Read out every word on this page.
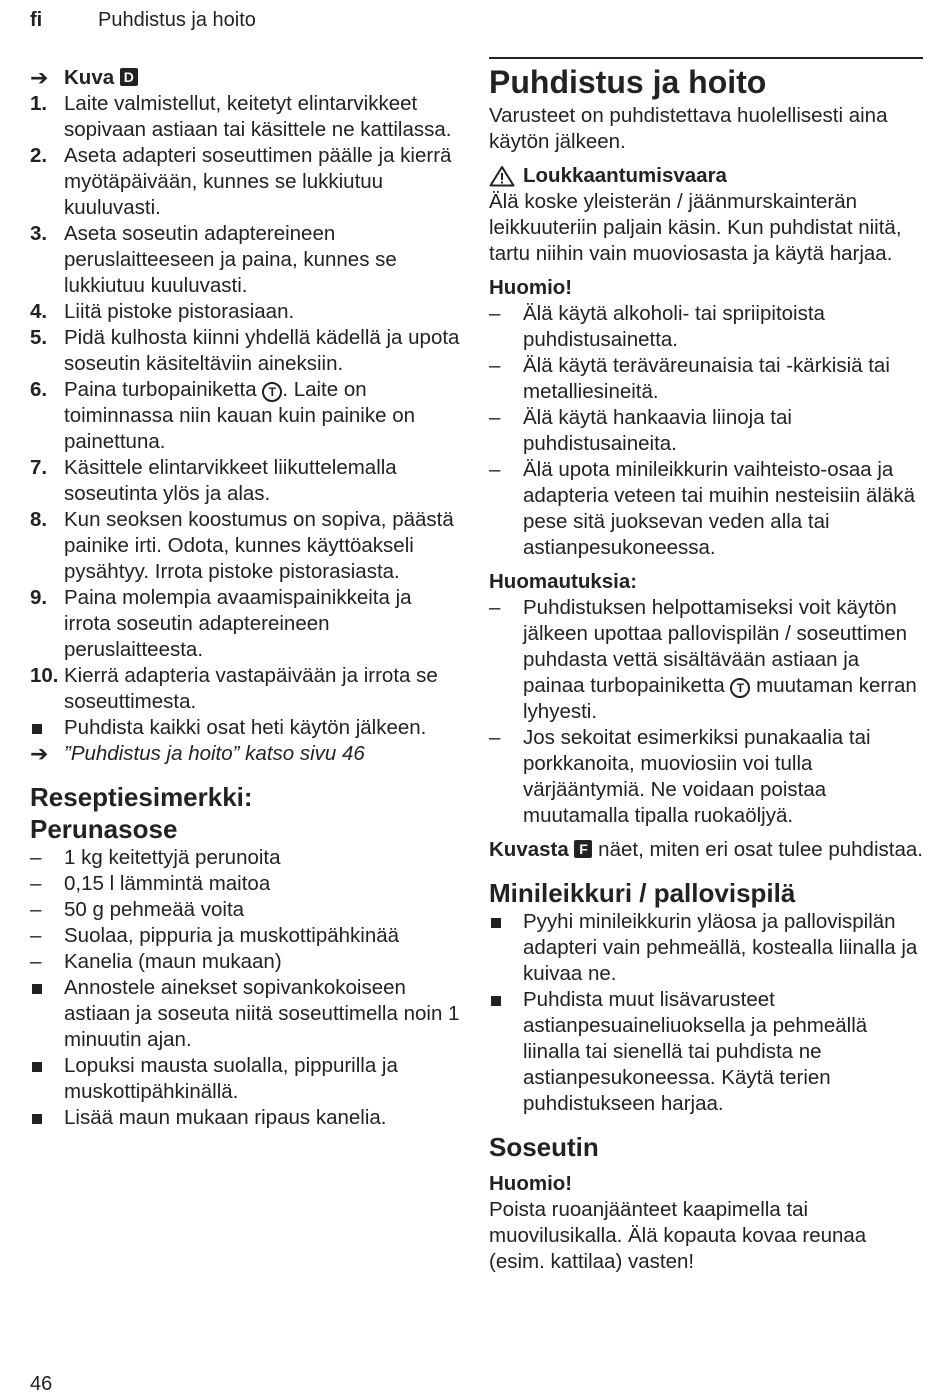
fi	Puhdistus ja hoito
➔ Kuva D
1. Laite valmistellut, keitetyt elintarvikkeet sopivaan astiaan tai käsittele ne kattilassa.
2. Aseta adapteri soseuttimen päälle ja kierrä myötäpäivään, kunnes se lukkiutuu kuuluvasti.
3. Aseta soseutin adaptereineen peruslaitteeseen ja paina, kunnes se lukkiutuu kuuluvasti.
4. Liitä pistoke pistorasiaan.
5. Pidä kulhosta kiinni yhdellä kädellä ja upota soseutin käsiteltäviin aineksiin.
6. Paina turbopainiketta T . Laite on toiminnassa niin kauan kuin painike on painettuna.
7. Käsittele elintarvikkeet liikuttelemalla soseutinta ylös ja alas.
8. Kun seoksen koostumus on sopiva, päästä painike irti. Odota, kunnes käyttöakseli pysähtyy. Irrota pistoke pistorasiasta.
9. Paina molempia avaamispainikkeita ja irrota soseutin adaptereineen peruslaitteesta.
10. Kierrä adapteria vastapäivään ja irrota se soseuttimesta.
Puhdista kaikki osat heti käytön jälkeen.
➔ ”Puhdistus ja hoito” katso sivu 46
Reseptiesimerkki:
Perunasose
– 1 kg keitettyjä perunoita
– 0,15 l lämmintä maitoa
– 50 g pehmeää voita
– Suolaa, pippuria ja muskottipähkinää
– Kanelia (maun mukaan)
Annostele ainekset sopivankokoiseen astiaan ja soseuta niitä soseuttimella noin 1 minuutin ajan.
Lopuksi mausta suolalla, pippurilla ja muskottipähkinällä.
Lisää maun mukaan ripaus kanelia.
Puhdistus ja hoito

Varusteet on puhdistettava huolellisesti aina käytön jälkeen.

Loukkaantumisvaara

Älä koske yleisterän / jäänmurskainterän leikkuuteriin paljain käsin. Kun puhdistat niitä, tartu niihin vain muoviosasta ja käytä harjaa.

Huomio!
– Älä käytä alkoholi- tai spriipitoista puhdistusainetta.
– Älä käytä teräväreunaisia tai -kärkisiä tai metalliesineitä.
– Älä käytä hankaavia liinoja tai puhdistusaineita.
– Älä upota minileikkurin vaihteisto-osaa ja adapteria veteen tai muihin nesteisiin äläkä pese sitä juoksevan veden alla tai astianpesukoneessa.
Huomautuksia:
– Puhdistuksen helpottamiseksi voit käytön jälkeen upottaa pallovispilän / soseuttimen puhdasta vettä sisältävään astiaan ja painaa turbopainiketta T muutaman kerran lyhyesti.
– Jos sekoitat esimerkiksi punakaalia tai porkkanoita, muoviosiin voi tulla värjääntymiä. Ne voidaan poistaa muutamalla tipalla ruokaöljyä.

Kuvasta F näet, miten eri osat tulee puhdistaa.

Minileikkuri / pallovispilä
Pyyhi minileikkurin yläosa ja pallovispilän adapteri vain pehmeällä, kostealla liinalla ja kuivaa ne.
Puhdista muut lisävarusteet astianpesuaineliuoksella ja pehmeällä liinalla tai sienellä tai puhdista ne astianpesukoneessa. Käytä terien puhdistukseen harjaa.
Soseutin
Huomio!

Poista ruoanjäänteet kaapimella tai muovilusikalla. Älä kopauta kovaa reunaa (esim. kattilaa) vasten!

46
